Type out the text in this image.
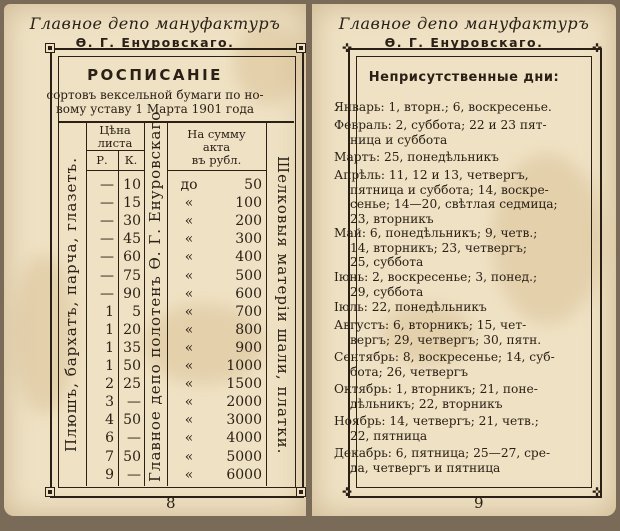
Главное депо мануфактуръ
Ѳ. Г. Енуровскаго.
РОСПИСАНІЕ
сортовъ вексельной бумаги по но-
вому уставу 1 Марта 1901 года
Плюшъ, бархатъ, парча, глазетъ.	Главное депо полотенъ Ѳ. Г. Енуровскаго	Шелковыя матеріи шали, платки.
Цѣна
листа
Р.	К.
На сумму
акта
въ рубл.
— 10	до	50
— 15	«	100
— 30	«	200
— 45	«	300
— 60	«	400
— 75	«	500
— 90	«	600
1	5	«	700
1 20	«	800
1 35	«	900
1 50	«	1000
2 25	«	1500
3 —	«	2000
4 50	«	3000
6 —	«	4000
7 50	«	5000
9 —	«	6000
8
Главное депо мануфактуръ
Ѳ. Г. Енуровскаго.
✜	✜
✜	✜
Неприсутственные дни:
Январь: 1, вторн.; 6, воскресенье.
Февраль: 2, суббота; 22 и 23 пят-
ница и суббота
Мартъ: 25, понедѣльникъ
Апрѣль: 11, 12 и 13, четвергъ,
пятница и суббота; 14, воскре-
сенье; 14—20, свѣтлая седмица;
23, вторникъ
Май: 6, понедѣльникъ; 9, четв.;
14, вторникъ; 23, четвергъ;
25, суббота
Іюнь: 2, воскресенье; 3, понед.;
29, суббота
Іюль: 22, понедѣльникъ
Августъ: 6, вторникъ; 15, чет-
вергъ; 29, четвергъ; 30, пятн.
Сентябрь: 8, воскресенье; 14, суб-
бота; 26, четвергъ
Октябрь: 1, вторникъ; 21, поне-
дѣльникъ; 22, вторникъ
Ноябрь: 14, четвергъ; 21, четв.;
22, пятница
Декабрь: 6, пятница; 25—27, сре-
да, четвергъ и пятница
9
